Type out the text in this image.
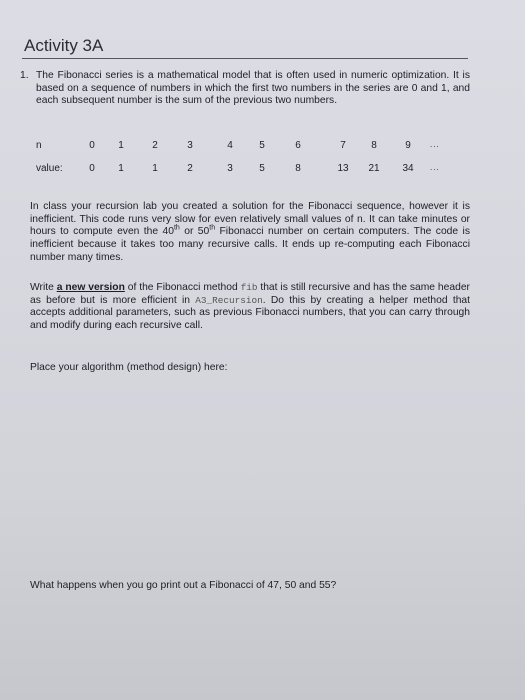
Activity 3A
1. The Fibonacci series is a mathematical model that is often used in numeric optimization. It is based on a sequence of numbers in which the first two numbers in the series are 0 and 1, and each subsequent number is the sum of the previous two numbers.
n	0	1	2	3	4	5	6	7	8	9	...
value:	0	1	1	2	3	5	8	13	21	34	...
In class your recursion lab you created a solution for the Fibonacci sequence, however it is inefficient. This code runs very slow for even relatively small values of n. It can take minutes or hours to compute even the 40th or 50th Fibonacci number on certain computers. The code is inefficient because it takes too many recursive calls. It ends up re-computing each Fibonacci number many times.
Write a new version of the Fibonacci method fib that is still recursive and has the same header as before but is more efficient in A3_Recursion. Do this by creating a helper method that accepts additional parameters, such as previous Fibonacci numbers, that you can carry through and modify during each recursive call.
Place your algorithm (method design) here:
What happens when you go print out a Fibonacci of 47, 50 and 55?
